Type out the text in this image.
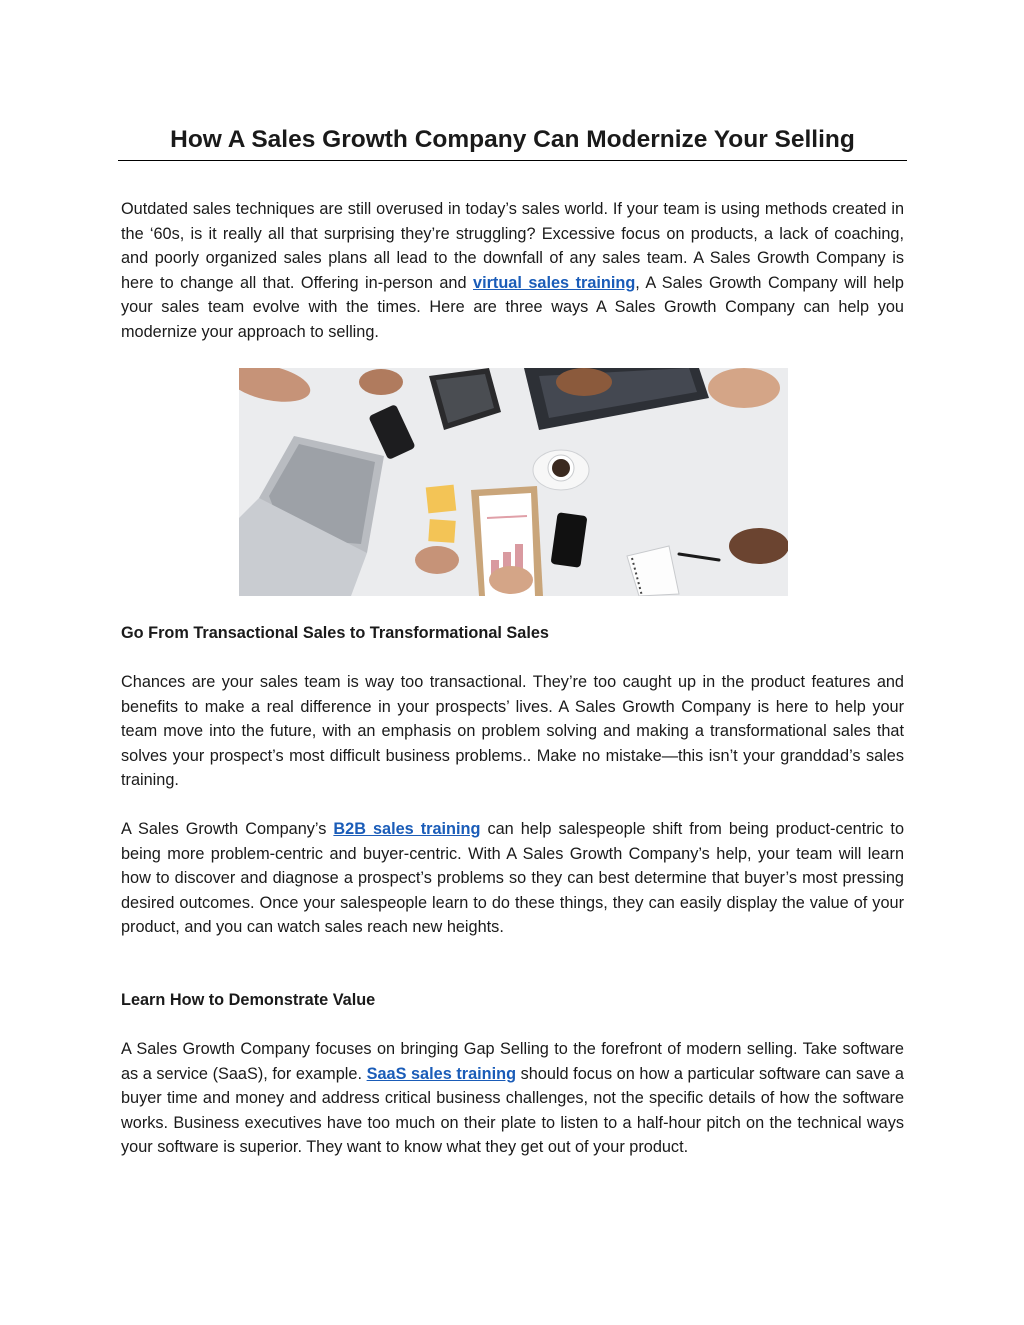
How A Sales Growth Company Can Modernize Your Selling

Outdated sales techniques are still overused in today’s sales world. If your team is using methods created in the ‘60s, is it really all that surprising they’re struggling? Excessive focus on products, a lack of coaching, and poorly organized sales plans all lead to the downfall of any sales team. A Sales Growth Company is here to change all that. Offering in-person and virtual sales training, A Sales Growth Company will help your sales team evolve with the times. Here are three ways A Sales Growth Company can help you modernize your approach to selling.

Go From Transactional Sales to Transformational Sales

Chances are your sales team is way too transactional. They’re too caught up in the product features and benefits to make a real difference in your prospects’ lives. A Sales Growth Company is here to help your team move into the future, with an emphasis on problem solving and making a transformational sales that solves your prospect’s most difficult business problems.. Make no mistake—this isn’t your granddad’s sales training.

A Sales Growth Company’s B2B sales training can help salespeople shift from being product-centric to being more problem-centric and buyer-centric. With A Sales Growth Company’s help, your team will learn how to discover and diagnose a prospect’s problems so they can best determine that buyer’s most pressing desired outcomes. Once your salespeople learn to do these things, they can easily display the value of your product, and you can watch sales reach new heights.

Learn How to Demonstrate Value

A Sales Growth Company focuses on bringing Gap Selling to the forefront of modern selling. Take software as a service (SaaS), for example. SaaS sales training should focus on how a particular software can save a buyer time and money and address critical business challenges, not the specific details of how the software works. Business executives have too much on their plate to listen to a half-hour pitch on the technical ways your software is superior. They want to know what they get out of your product.
